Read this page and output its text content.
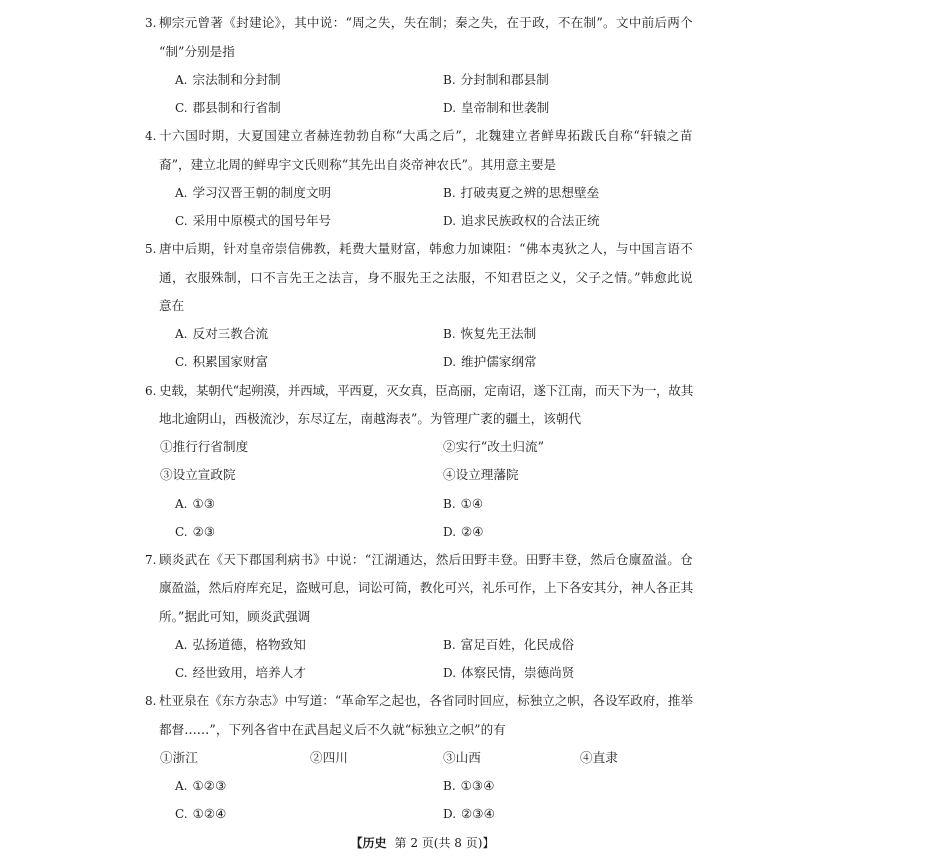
3. 柳宗元曾著《封建论》，其中说：“周之失，失在制；秦之失，在于政，不在制”。文中前后两个
“制”分别是指
A. 宗法制和分封制	B. 分封制和郡县制
C. 郡县制和行省制	D. 皇帝制和世袭制
4. 十六国时期，大夏国建立者赫连勃勃自称“大禹之后”，北魏建立者鲜卑拓跋氏自称“轩辕之苗
裔”，建立北周的鲜卑宇文氏则称“其先出自炎帝神农氏”。其用意主要是
A. 学习汉晋王朝的制度文明	B. 打破夷夏之辨的思想壁垒
C. 采用中原模式的国号年号	D. 追求民族政权的合法正统
5. 唐中后期，针对皇帝崇信佛教，耗费大量财富，韩愈力加谏阻：“佛本夷狄之人，与中国言语不
通，衣服殊制，口不言先王之法言，身不服先王之法服，不知君臣之义，父子之情。”韩愈此说
意在
A. 反对三教合流	B. 恢复先王法制
C. 积累国家财富	D. 维护儒家纲常
6. 史载，某朝代“起朔漠，并西域，平西夏，灭女真，臣高丽，定南诏，遂下江南，而天下为一，故其
地北逾阴山，西极流沙，东尽辽左，南越海表”。为管理广袤的疆土，该朝代
①推行行省制度	②实行“改土归流”
③设立宣政院	④设立理藩院
A. ①③	B. ①④
C. ②③	D. ②④
7. 顾炎武在《天下郡国利病书》中说：“江湖通达，然后田野丰登。田野丰登，然后仓廪盈溢。仓
廪盈溢，然后府库充足，盗贼可息，词讼可简，教化可兴，礼乐可作，上下各安其分，神人各正其
所。”据此可知，顾炎武强调
A. 弘扬道德，格物致知	B. 富足百姓，化民成俗
C. 经世致用，培养人才	D. 体察民情，崇德尚贤
8. 杜亚泉在《东方杂志》中写道：“革命军之起也，各省同时回应，标独立之帜，各设军政府，推举
都督……”，下列各省中在武昌起义后不久就“标独立之帜”的有
①浙江	②四川	③山西	④直隶
A. ①②③	B. ①③④
C. ①②④	D. ②③④
【历史 第 2 页(共 8 页)】
